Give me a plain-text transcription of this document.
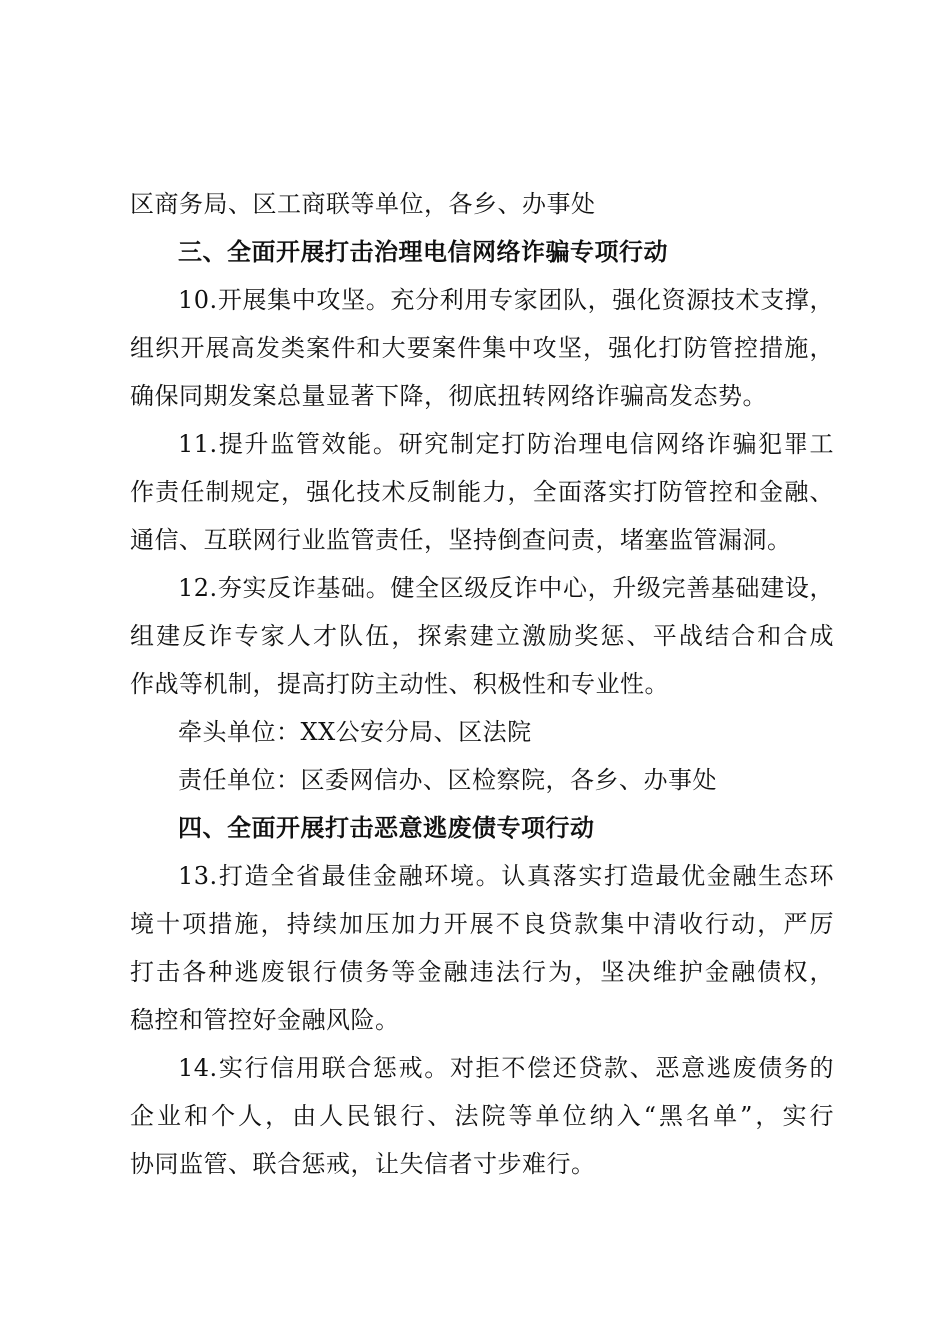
区商务局、区工商联等单位，各乡、办事处
三、全面开展打击治理电信网络诈骗专项行动
10.开展集中攻坚。充分利用专家团队，强化资源技术支撑，
组织开展高发类案件和大要案件集中攻坚，强化打防管控措施，
确保同期发案总量显著下降，彻底扭转网络诈骗高发态势。
11.提升监管效能。研究制定打防治理电信网络诈骗犯罪工
作责任制规定，强化技术反制能力，全面落实打防管控和金融、
通信、互联网行业监管责任，坚持倒查问责，堵塞监管漏洞。
12.夯实反诈基础。健全区级反诈中心，升级完善基础建设，
组建反诈专家人才队伍，探索建立激励奖惩、平战结合和合成
作战等机制，提高打防主动性、积极性和专业性。
牵头单位：XX公安分局、区法院
责任单位：区委网信办、区检察院，各乡、办事处
四、全面开展打击恶意逃废债专项行动
13.打造全省最佳金融环境。认真落实打造最优金融生态环
境十项措施，持续加压加力开展不良贷款集中清收行动，严厉
打击各种逃废银行债务等金融违法行为，坚决维护金融债权，
稳控和管控好金融风险。
14.实行信用联合惩戒。对拒不偿还贷款、恶意逃废债务的
企业和个人，由人民银行、法院等单位纳入“黑名单”，实行
协同监管、联合惩戒，让失信者寸步难行。
